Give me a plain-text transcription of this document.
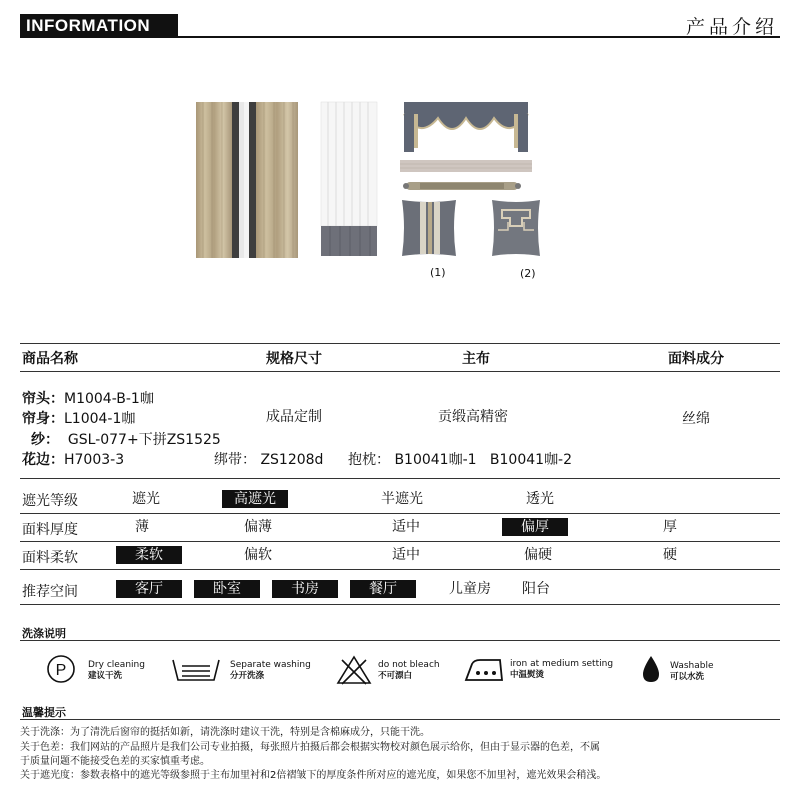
INFORMATION	产品介绍
(1)	(2)
商品名称	规格尺寸	主布	面料成分
帘头：M1004-B-1咖
帘身：L1004-1咖
纱： GSL-077+下拼ZS1525
花边：H7003-3
成品定制	贡缎高精密	丝绵
绑带： ZS1208d 抱枕： B10041咖-1 B10041咖-2
遮光等级	遮光	高遮光	半遮光	透光
面料厚度	薄	偏薄	适中	偏厚	厚
面料柔软	柔软	偏软	适中	偏硬	硬
推荐空间	客厅	卧室	书房	餐厅	儿童房	阳台
洗涤说明
P Dry cleaning
建议干洗
Separate washing
分开洗涤
do not bleach
不可漂白
iron at medium setting
中温熨烫
Washable
可以水洗
温馨提示
关于洗涤：为了清洗后窗帘的挺括如新，请洗涤时建议干洗，特别是含棉麻成分，只能干洗。
关于色差：我们网站的产品照片是我们公司专业拍摄，每张照片拍摄后都会根据实物校对颜色展示给你，但由于显示器的色差，不属
于质量问题不能接受色差的买家慎重考虑。
关于遮光度：参数表格中的遮光等级参照于主布加里衬和2倍褶皱下的厚度条件所对应的遮光度，如果您不加里衬，遮光效果会稍浅。
